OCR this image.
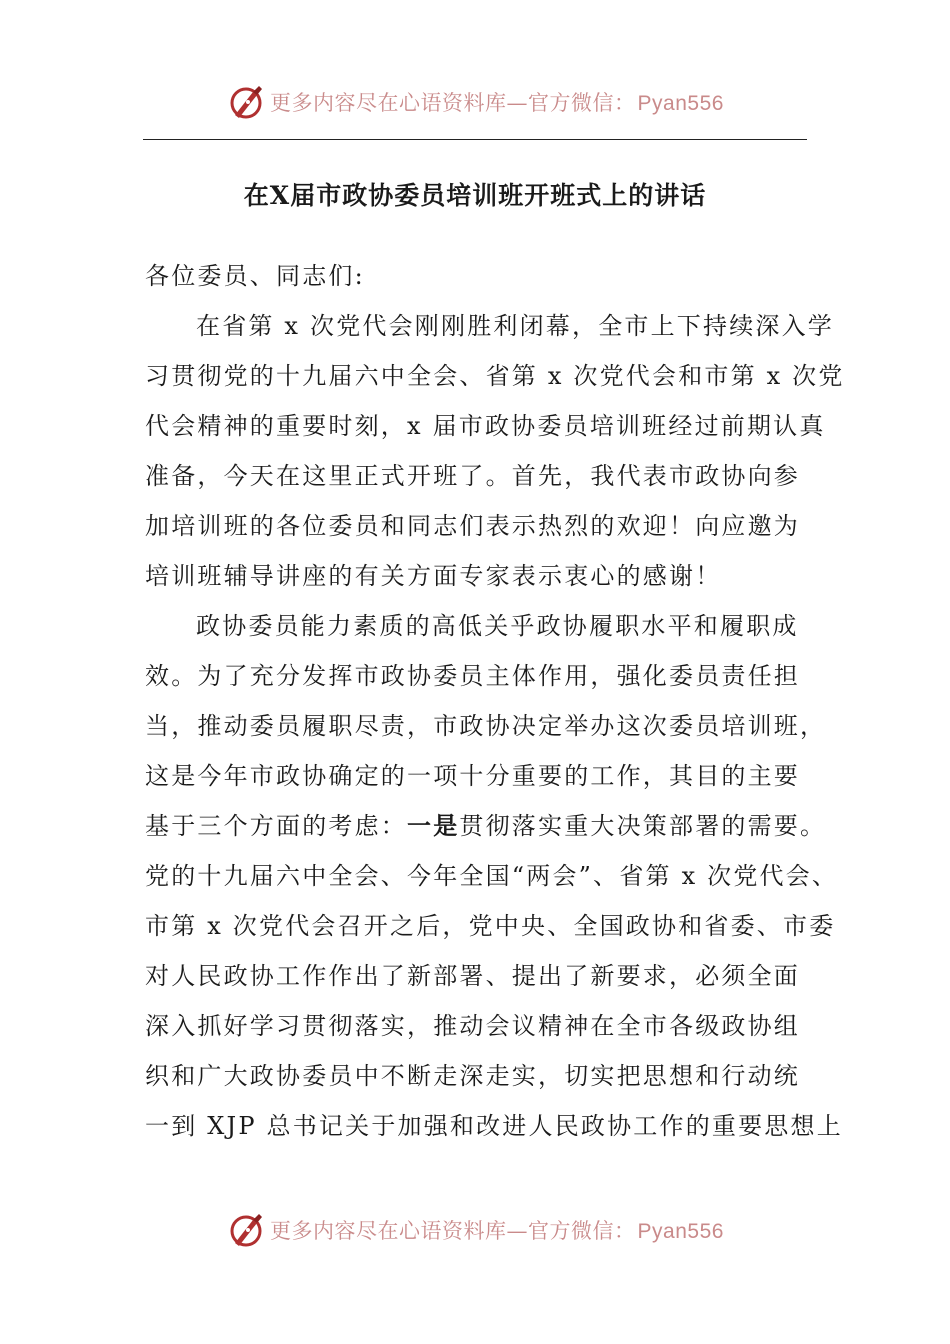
更多内容尽在心语资料库—官方微信：Pyan556
在X届市政协委员培训班开班式上的讲话
各位委员、同志们:
在省第 x 次党代会刚刚胜利闭幕，全市上下持续深入学
习贯彻党的十九届六中全会、省第 x 次党代会和市第 x 次党
代会精神的重要时刻，x 届市政协委员培训班经过前期认真
准备，今天在这里正式开班了。首先，我代表市政协向参
加培训班的各位委员和同志们表示热烈的欢迎！向应邀为
培训班辅导讲座的有关方面专家表示衷心的感谢！
政协委员能力素质的高低关乎政协履职水平和履职成
效。为了充分发挥市政协委员主体作用，强化委员责任担
当，推动委员履职尽责，市政协决定举办这次委员培训班，
这是今年市政协确定的一项十分重要的工作，其目的主要
基于三个方面的考虑：一是贯彻落实重大决策部署的需要。
党的十九届六中全会、今年全国“两会”、省第 x 次党代会、
市第 x 次党代会召开之后，党中央、全国政协和省委、市委
对人民政协工作作出了新部署、提出了新要求，必须全面
深入抓好学习贯彻落实，推动会议精神在全市各级政协组
织和广大政协委员中不断走深走实，切实把思想和行动统
一到 XJP 总书记关于加强和改进人民政协工作的重要思想上
更多内容尽在心语资料库—官方微信：Pyan556
